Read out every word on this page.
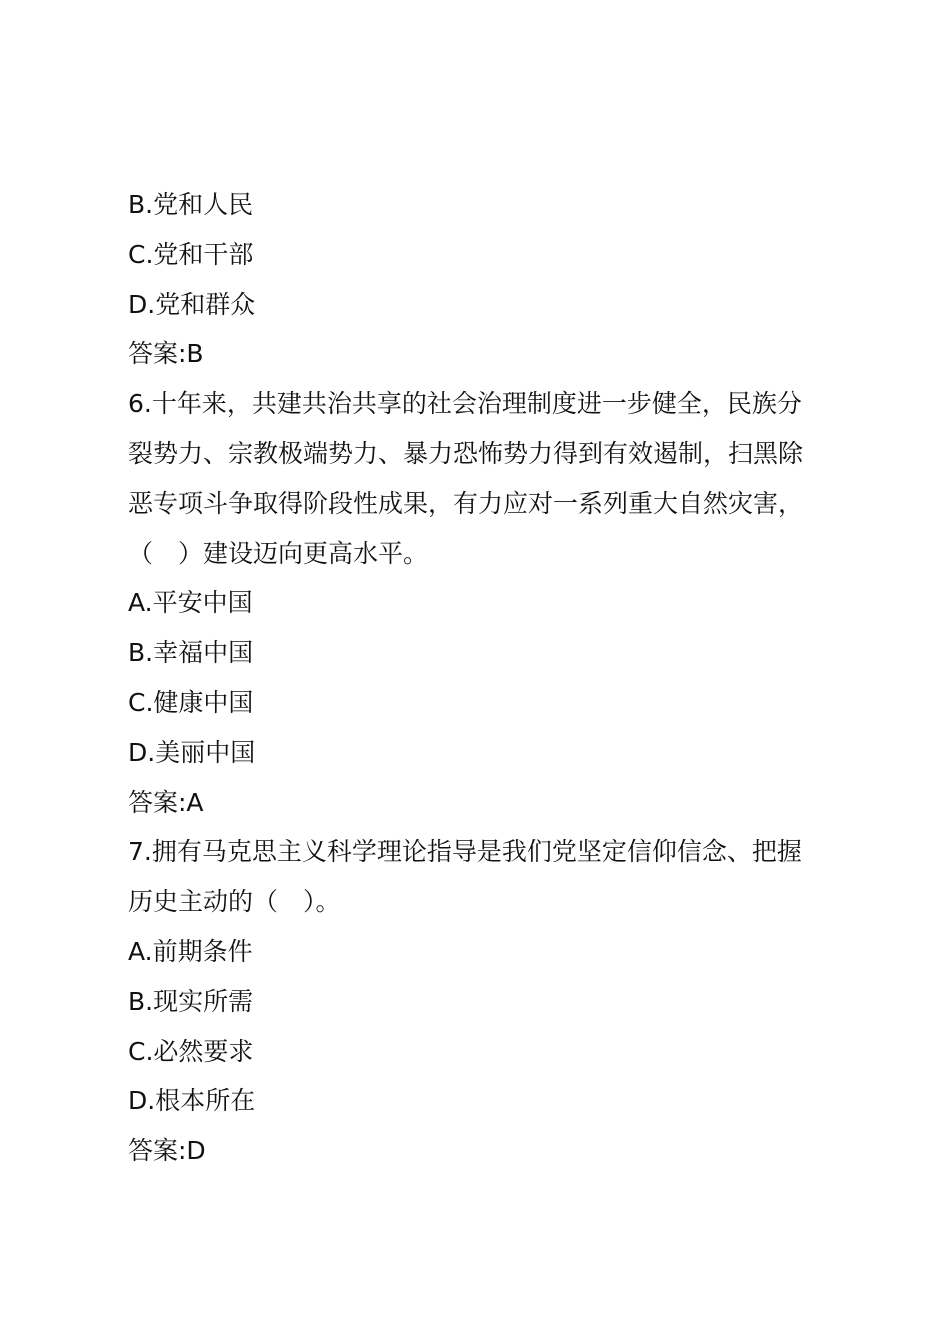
B.党和人民
C.党和干部
D.党和群众
答案:B
6.十年来，共建共治共享的社会治理制度进一步健全，民族分
裂势力、宗教极端势力、暴力恐怖势力得到有效遏制，扫黑除
恶专项斗争取得阶段性成果，有力应对一系列重大自然灾害，
（　）建设迈向更高水平。
A.平安中国
B.幸福中国
C.健康中国
D.美丽中国
答案:A
7.拥有马克思主义科学理论指导是我们党坚定信仰信念、把握
历史主动的（　）。
A.前期条件
B.现实所需
C.必然要求
D.根本所在
答案:D
